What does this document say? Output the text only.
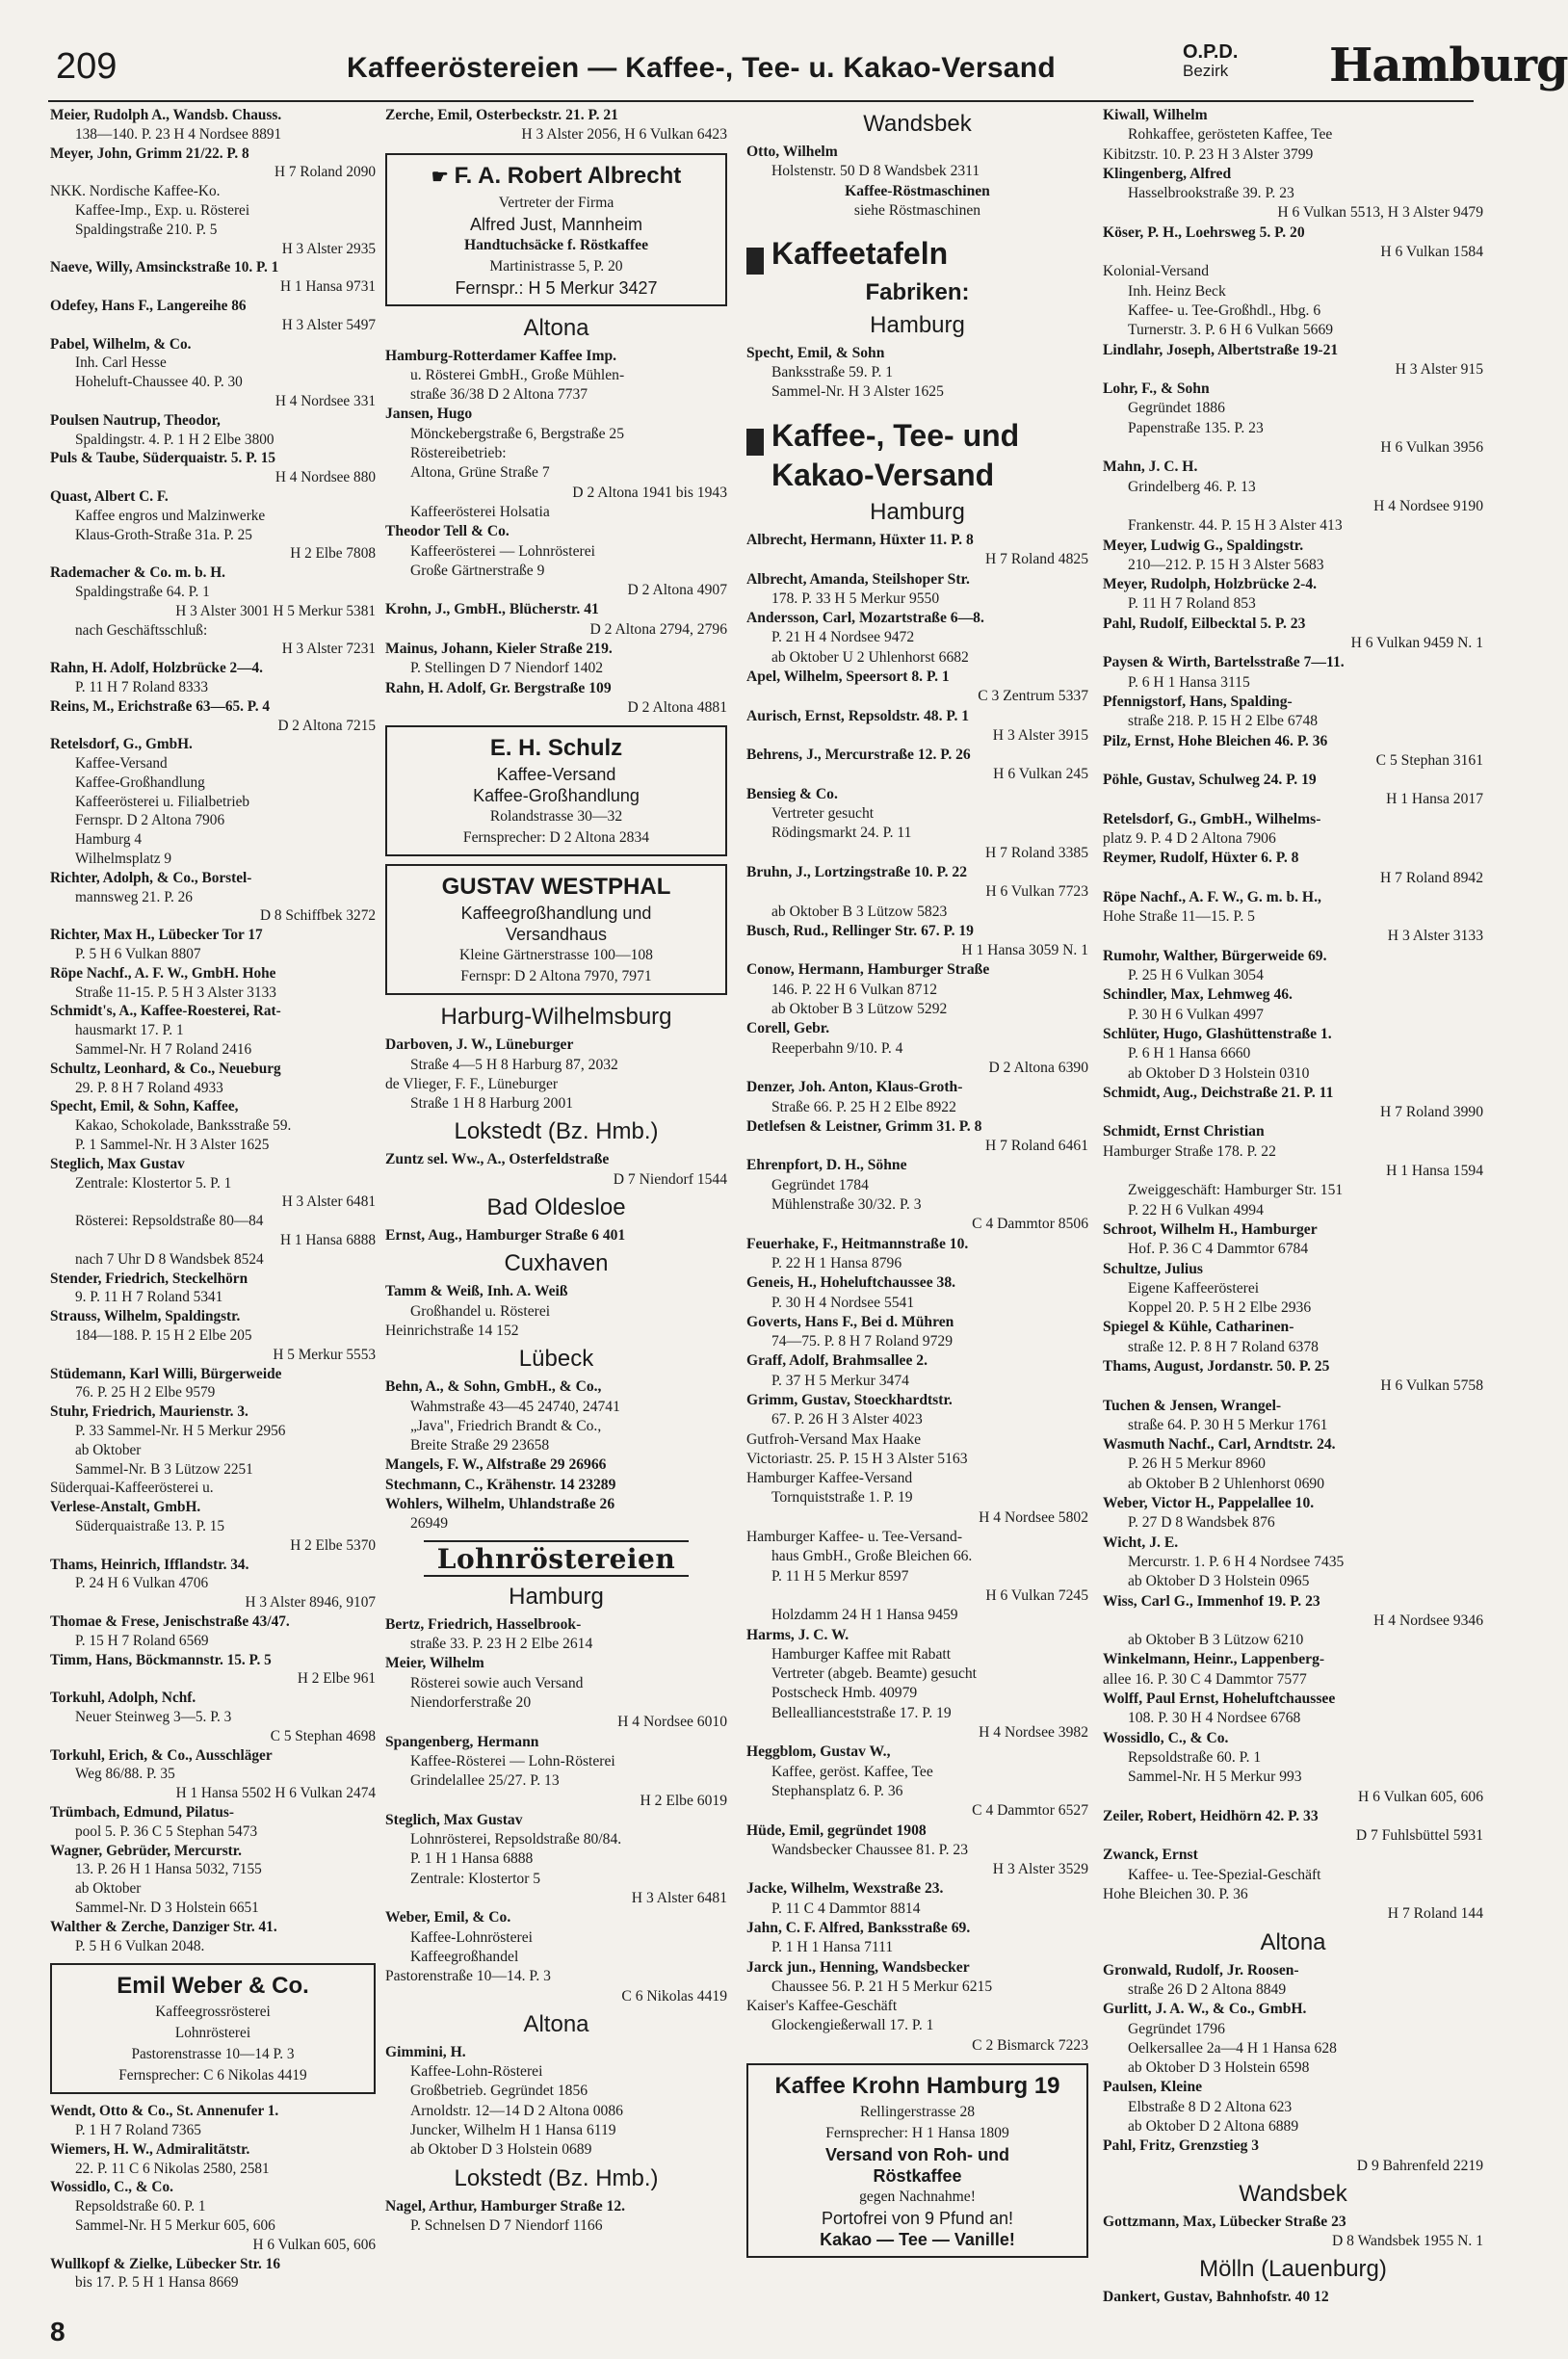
209	Kaffeeröstereien — Kaffee-, Tee- u. Kakao-Versand	O.P.D.
Bezirk Hamburg
Meier, Rudolph A., Wandsb. Chauss.
138—140. P. 23 H 4 Nordsee 8891
Meyer, John, Grimm 21/22. P. 8
H 7 Roland 2090
NKK. Nordische Kaffee-Ko.
Kaffee-Imp., Exp. u. Rösterei
Spaldingstraße 210. P. 5
H 3 Alster 2935
Naeve, Willy, Amsinckstraße 10. P. 1
H 1 Hansa 9731
Odefey, Hans F., Langereihe 86
H 3 Alster 5497
Pabel, Wilhelm, & Co.
Inh. Carl Hesse
Hoheluft-Chaussee 40. P. 30
H 4 Nordsee 331
Poulsen Nautrup, Theodor,
Spaldingstr. 4. P. 1 H 2 Elbe 3800
Puls & Taube, Süderquaistr. 5. P. 15
H 4 Nordsee 880
Quast, Albert C. F.
Kaffee engros und Malzinwerke
Klaus-Groth-Straße 31a. P. 25
H 2 Elbe 7808
Rademacher & Co. m. b. H.
Spaldingstraße 64. P. 1
H 3 Alster 3001 H 5 Merkur 5381
nach Geschäftsschluß:
H 3 Alster 7231
Rahn, H. Adolf, Holzbrücke 2—4.
P. 11 H 7 Roland 8333
Reins, M., Erichstraße 63—65. P. 4
D 2 Altona 7215
Retelsdorf, G., GmbH.
Kaffee-Versand
Kaffee-Großhandlung
Kaffeerösterei u. Filialbetrieb
Fernspr. D 2 Altona 7906
Hamburg 4
Wilhelmsplatz 9
Richter, Adolph, & Co., Borstel-
mannsweg 21. P. 26
D 8 Schiffbek 3272
Richter, Max H., Lübecker Tor 17
P. 5 H 6 Vulkan 8807
Röpe Nachf., A. F. W., GmbH. Hohe
Straße 11-15. P. 5 H 3 Alster 3133
Schmidt's, A., Kaffee-Roesterei, Rat-
hausmarkt 17. P. 1
Sammel-Nr. H 7 Roland 2416
Schultz, Leonhard, & Co., Neueburg
29. P. 8 H 7 Roland 4933
Specht, Emil, & Sohn, Kaffee,
Kakao, Schokolade, Banksstraße 59.
P. 1 Sammel-Nr. H 3 Alster 1625
Steglich, Max Gustav
Zentrale: Klostertor 5. P. 1
H 3 Alster 6481
Rösterei: Repsoldstraße 80—84
H 1 Hansa 6888
nach 7 Uhr D 8 Wandsbek 8524
Stender, Friedrich, Steckelhörn
9. P. 11 H 7 Roland 5341
Strauss, Wilhelm, Spaldingstr.
184—188. P. 15 H 2 Elbe 205
H 5 Merkur 5553
Stüdemann, Karl Willi, Bürgerweide
76. P. 25 H 2 Elbe 9579
Stuhr, Friedrich, Maurienstr. 3.
P. 33 Sammel-Nr. H 5 Merkur 2956
ab Oktober
Sammel-Nr. B 3 Lützow 2251
Süderquai-Kaffeerösterei u.
Verlese-Anstalt, GmbH.
Süderquaistraße 13. P. 15
H 2 Elbe 5370
Thams, Heinrich, Ifflandstr. 34.
P. 24 H 6 Vulkan 4706
H 3 Alster 8946, 9107
Thomae & Frese, Jenischstraße 43/47.
P. 15 H 7 Roland 6569
Timm, Hans, Böckmannstr. 15. P. 5
H 2 Elbe 961
Torkuhl, Adolph, Nchf.
Neuer Steinweg 3—5. P. 3
C 5 Stephan 4698
Torkuhl, Erich, & Co., Ausschläger
Weg 86/88. P. 35
H 1 Hansa 5502 H 6 Vulkan 2474
Trümbach, Edmund, Pilatus-
pool 5. P. 36 C 5 Stephan 5473
Wagner, Gebrüder, Mercurstr.
13. P. 26 H 1 Hansa 5032, 7155
ab Oktober
Sammel-Nr. D 3 Holstein 6651
Walther & Zerche, Danziger Str. 41.
P. 5 H 6 Vulkan 2048.
Emil Weber & Co.
Kaffeegrossrösterei
Lohnrösterei
Pastorenstrasse 10—14 P. 3
Fernsprecher: C 6 Nikolas 4419
Wendt, Otto & Co., St. Annenufer 1.
P. 1 H 7 Roland 7365
Wiemers, H. W., Admiralitätstr.
22. P. 11 C 6 Nikolas 2580, 2581
Wossidlo, C., & Co.
Repsoldstraße 60. P. 1
Sammel-Nr. H 5 Merkur 605, 606
H 6 Vulkan 605, 606
Wullkopf & Zielke, Lübecker Str. 16
bis 17. P. 5 H 1 Hansa 8669
Zerche, Emil, Osterbeckstr. 21. P. 21
H 3 Alster 2056, H 6 Vulkan 6423
☛ F. A. Robert Albrecht
Vertreter der Firma
Alfred Just, Mannheim
Handtuchsäcke f. Röstkaffee
Martinistrasse 5, P. 20
Fernspr.: H 5 Merkur 3427
Altona
Hamburg-Rotterdamer Kaffee Imp.
u. Rösterei GmbH., Große Mühlen-
straße 36/38 D 2 Altona 7737
Jansen, Hugo
Mönckebergstraße 6, Bergstraße 25
Röstereibetrieb:
Altona, Grüne Straße 7
D 2 Altona 1941 bis 1943
Kaffeerösterei Holsatia
Theodor Tell & Co.
Kaffeerösterei — Lohnrösterei
Große Gärtnerstraße 9
D 2 Altona 4907
Krohn, J., GmbH., Blücherstr. 41
D 2 Altona 2794, 2796
Mainus, Johann, Kieler Straße 219.
P. Stellingen D 7 Niendorf 1402
Rahn, H. Adolf, Gr. Bergstraße 109
D 2 Altona 4881
E. H. Schulz
Kaffee-Versand
Kaffee-Großhandlung
Rolandstrasse 30—32
Fernsprecher: D 2 Altona 2834
GUSTAV WESTPHAL
Kaffeegroßhandlung und
Versandhaus
Kleine Gärtnerstrasse 100—108
Fernspr: D 2 Altona 7970, 7971
Harburg-Wilhelmsburg
Darboven, J. W., Lüneburger
Straße 4—5 H 8 Harburg 87, 2032
de Vlieger, F. F., Lüneburger
Straße 1 H 8 Harburg 2001
Lokstedt (Bz. Hmb.)
Zuntz sel. Ww., A., Osterfeldstraße
D 7 Niendorf 1544
Bad Oldesloe
Ernst, Aug., Hamburger Straße 6 401
Cuxhaven
Tamm & Weiß, Inh. A. Weiß
Großhandel u. Rösterei
Heinrichstraße 14 152
Lübeck
Behn, A., & Sohn, GmbH., & Co.,
Wahmstraße 43—45 24740, 24741
„Java", Friedrich Brandt & Co.,
Breite Straße 29 23658
Mangels, F. W., Alfstraße 29 26966
Stechmann, C., Krähenstr. 14 23289
Wohlers, Wilhelm, Uhlandstraße 26
26949
Lohnröstereien
Hamburg
Bertz, Friedrich, Hasselbrook-
straße 33. P. 23 H 2 Elbe 2614
Meier, Wilhelm
Rösterei sowie auch Versand
Niendorferstraße 20
H 4 Nordsee 6010
Spangenberg, Hermann
Kaffee-Rösterei — Lohn-Rösterei
Grindelallee 25/27. P. 13
H 2 Elbe 6019
Steglich, Max Gustav
Lohnrösterei, Repsoldstraße 80/84.
P. 1 H 1 Hansa 6888
Zentrale: Klostertor 5
H 3 Alster 6481
Weber, Emil, & Co.
Kaffee-Lohnrösterei
Kaffeegroßhandel
Pastorenstraße 10—14. P. 3
C 6 Nikolas 4419
Altona
Gimmini, H.
Kaffee-Lohn-Rösterei
Großbetrieb. Gegründet 1856
Arnoldstr. 12—14 D 2 Altona 0086
Juncker, Wilhelm H 1 Hansa 6119
ab Oktober D 3 Holstein 0689
Lokstedt (Bz. Hmb.)
Nagel, Arthur, Hamburger Straße 12.
P. Schnelsen D 7 Niendorf 1166
Wandsbek
Otto, Wilhelm
Holstenstr. 50 D 8 Wandsbek 2311
Kaffee-Röstmaschinen
siehe Röstmaschinen
Kaffeetafeln
Fabriken:
Hamburg
Specht, Emil, & Sohn
Banksstraße 59. P. 1
Sammel-Nr. H 3 Alster 1625
Kaffee-, Tee- und
Kakao-Versand
Hamburg
Albrecht, Hermann, Hüxter 11. P. 8
H 7 Roland 4825
Albrecht, Amanda, Steilshoper Str.
178. P. 33 H 5 Merkur 9550
Andersson, Carl, Mozartstraße 6—8.
P. 21 H 4 Nordsee 9472
ab Oktober U 2 Uhlenhorst 6682
Apel, Wilhelm, Speersort 8. P. 1
C 3 Zentrum 5337
Aurisch, Ernst, Repsoldstr. 48. P. 1
H 3 Alster 3915
Behrens, J., Mercurstraße 12. P. 26
H 6 Vulkan 245
Bensieg & Co.
Vertreter gesucht
Rödingsmarkt 24. P. 11
H 7 Roland 3385
Bruhn, J., Lortzingstraße 10. P. 22
H 6 Vulkan 7723
ab Oktober B 3 Lützow 5823
Busch, Rud., Rellinger Str. 67. P. 19
H 1 Hansa 3059 N. 1
Conow, Hermann, Hamburger Straße
146. P. 22 H 6 Vulkan 8712
ab Oktober B 3 Lützow 5292
Corell, Gebr.
Reeperbahn 9/10. P. 4
D 2 Altona 6390
Denzer, Joh. Anton, Klaus-Groth-
Straße 66. P. 25 H 2 Elbe 8922
Detlefsen & Leistner, Grimm 31. P. 8
H 7 Roland 6461
Ehrenpfort, D. H., Söhne
Gegründet 1784
Mühlenstraße 30/32. P. 3
C 4 Dammtor 8506
Feuerhake, F., Heitmannstraße 10.
P. 22 H 1 Hansa 8796
Geneis, H., Hoheluftchaussee 38.
P. 30 H 4 Nordsee 5541
Goverts, Hans F., Bei d. Mühren
74—75. P. 8 H 7 Roland 9729
Graff, Adolf, Brahmsallee 2.
P. 37 H 5 Merkur 3474
Grimm, Gustav, Stoeckhardtstr.
67. P. 26 H 3 Alster 4023
Gutfroh-Versand Max Haake
Victoriastr. 25. P. 15 H 3 Alster 5163
Hamburger Kaffee-Versand
Tornquiststraße 1. P. 19
H 4 Nordsee 5802
Hamburger Kaffee- u. Tee-Versand-
haus GmbH., Große Bleichen 66.
P. 11 H 5 Merkur 8597
H 6 Vulkan 7245
Holzdamm 24 H 1 Hansa 9459
Harms, J. C. W.
Hamburger Kaffee mit Rabatt
Vertreter (abgeb. Beamte) gesucht
Postscheck Hmb. 40979
Belleallianceststraße 17. P. 19
H 4 Nordsee 3982
Heggblom, Gustav W.,
Kaffee, geröst. Kaffee, Tee
Stephansplatz 6. P. 36
C 4 Dammtor 6527
Hüde, Emil, gegründet 1908
Wandsbecker Chaussee 81. P. 23
H 3 Alster 3529
Jacke, Wilhelm, Wexstraße 23.
P. 11 C 4 Dammtor 8814
Jahn, C. F. Alfred, Banksstraße 69.
P. 1 H 1 Hansa 7111
Jarck jun., Henning, Wandsbecker
Chaussee 56. P. 21 H 5 Merkur 6215
Kaiser's Kaffee-Geschäft
Glockengießerwall 17. P. 1
C 2 Bismarck 7223
Kaffee Krohn Hamburg 19
Rellingerstrasse 28
Fernsprecher: H 1 Hansa 1809
Versand von Roh- und
Röstkaffee
gegen Nachnahme!
Portofrei von 9 Pfund an!
Kakao — Tee — Vanille!
Kiwall, Wilhelm
Rohkaffee, gerösteten Kaffee, Tee
Kibitzstr. 10. P. 23 H 3 Alster 3799
Klingenberg, Alfred
Hasselbrookstraße 39. P. 23
H 6 Vulkan 5513, H 3 Alster 9479
Köser, P. H., Loehrsweg 5. P. 20
H 6 Vulkan 1584
Kolonial-Versand
Inh. Heinz Beck
Kaffee- u. Tee-Großhdl., Hbg. 6
Turnerstr. 3. P. 6 H 6 Vulkan 5669
Lindlahr, Joseph, Albertstraße 19-21
H 3 Alster 915
Lohr, F., & Sohn
Gegründet 1886
Papenstraße 135. P. 23
H 6 Vulkan 3956
Mahn, J. C. H.
Grindelberg 46. P. 13
H 4 Nordsee 9190
Frankenstr. 44. P. 15 H 3 Alster 413
Meyer, Ludwig G., Spaldingstr.
210—212. P. 15 H 3 Alster 5683
Meyer, Rudolph, Holzbrücke 2-4.
P. 11 H 7 Roland 853
Pahl, Rudolf, Eilbecktal 5. P. 23
H 6 Vulkan 9459 N. 1
Paysen & Wirth, Bartelsstraße 7—11.
P. 6 H 1 Hansa 3115
Pfennigstorf, Hans, Spalding-
straße 218. P. 15 H 2 Elbe 6748
Pilz, Ernst, Hohe Bleichen 46. P. 36
C 5 Stephan 3161
Pöhle, Gustav, Schulweg 24. P. 19
H 1 Hansa 2017
Retelsdorf, G., GmbH., Wilhelms-
platz 9. P. 4 D 2 Altona 7906
Reymer, Rudolf, Hüxter 6. P. 8
H 7 Roland 8942
Röpe Nachf., A. F. W., G. m. b. H.,
Hohe Straße 11—15. P. 5
H 3 Alster 3133
Rumohr, Walther, Bürgerweide 69.
P. 25 H 6 Vulkan 3054
Schindler, Max, Lehmweg 46.
P. 30 H 6 Vulkan 4997
Schlüter, Hugo, Glashüttenstraße 1.
P. 6 H 1 Hansa 6660
ab Oktober D 3 Holstein 0310
Schmidt, Aug., Deichstraße 21. P. 11
H 7 Roland 3990
Schmidt, Ernst Christian
Hamburger Straße 178. P. 22
H 1 Hansa 1594
Zweiggeschäft: Hamburger Str. 151
P. 22 H 6 Vulkan 4994
Schroot, Wilhelm H., Hamburger
Hof. P. 36 C 4 Dammtor 6784
Schultze, Julius
Eigene Kaffeerösterei
Koppel 20. P. 5 H 2 Elbe 2936
Spiegel & Kühle, Catharinen-
straße 12. P. 8 H 7 Roland 6378
Thams, August, Jordanstr. 50. P. 25
H 6 Vulkan 5758
Tuchen & Jensen, Wrangel-
straße 64. P. 30 H 5 Merkur 1761
Wasmuth Nachf., Carl, Arndtstr. 24.
P. 26 H 5 Merkur 8960
ab Oktober B 2 Uhlenhorst 0690
Weber, Victor H., Pappelallee 10.
P. 27 D 8 Wandsbek 876
Wicht, J. E.
Mercurstr. 1. P. 6 H 4 Nordsee 7435
ab Oktober D 3 Holstein 0965
Wiss, Carl G., Immenhof 19. P. 23
H 4 Nordsee 9346
ab Oktober B 3 Lützow 6210
Winkelmann, Heinr., Lappenberg-
allee 16. P. 30 C 4 Dammtor 7577
Wolff, Paul Ernst, Hoheluftchaussee
108. P. 30 H 4 Nordsee 6768
Wossidlo, C., & Co.
Repsoldstraße 60. P. 1
Sammel-Nr. H 5 Merkur 993
H 6 Vulkan 605, 606
Zeiler, Robert, Heidhörn 42. P. 33
D 7 Fuhlsbüttel 5931
Zwanck, Ernst
Kaffee- u. Tee-Spezial-Geschäft
Hohe Bleichen 30. P. 36
H 7 Roland 144
Altona
Gronwald, Rudolf, Jr. Roosen-
straße 26 D 2 Altona 8849
Gurlitt, J. A. W., & Co., GmbH.
Gegründet 1796
Oelkersallee 2a—4 H 1 Hansa 628
ab Oktober D 3 Holstein 6598
Paulsen, Kleine
Elbstraße 8 D 2 Altona 623
ab Oktober D 2 Altona 6889
Pahl, Fritz, Grenzstieg 3
D 9 Bahrenfeld 2219
Wandsbek
Gottzmann, Max, Lübecker Straße 23
D 8 Wandsbek 1955 N. 1
Mölln (Lauenburg)
Dankert, Gustav, Bahnhofstr. 40 12
8
